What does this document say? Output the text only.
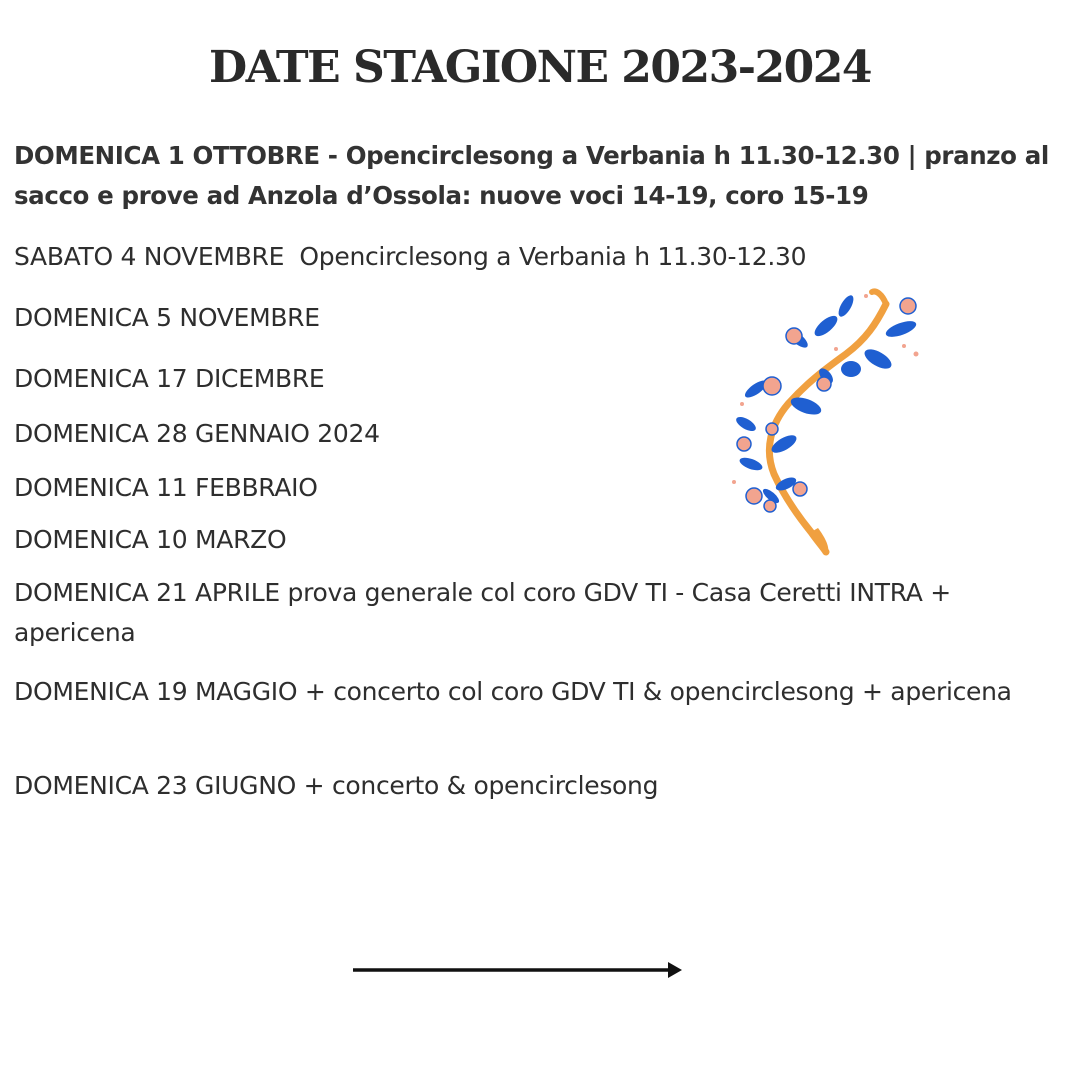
DATE STAGIONE 2023-2024
DOMENICA 1 OTTOBRE - Opencirclesong a Verbania h 11.30-12.30 | pranzo al sacco e prove ad Anzola d’Ossola: nuove voci 14-19, coro 15-19
SABATO 4 NOVEMBRE  Opencirclesong a Verbania h 11.30-12.30
DOMENICA 5 NOVEMBRE
DOMENICA 17 DICEMBRE
DOMENICA 28 GENNAIO 2024
DOMENICA 11 FEBBRAIO
DOMENICA 10 MARZO
DOMENICA 21 APRILE prova generale col coro GDV TI - Casa Ceretti INTRA + apericena
DOMENICA 19 MAGGIO + concerto col coro GDV TI & opencirclesong + apericena
DOMENICA 23 GIUGNO + concerto & opencirclesong
